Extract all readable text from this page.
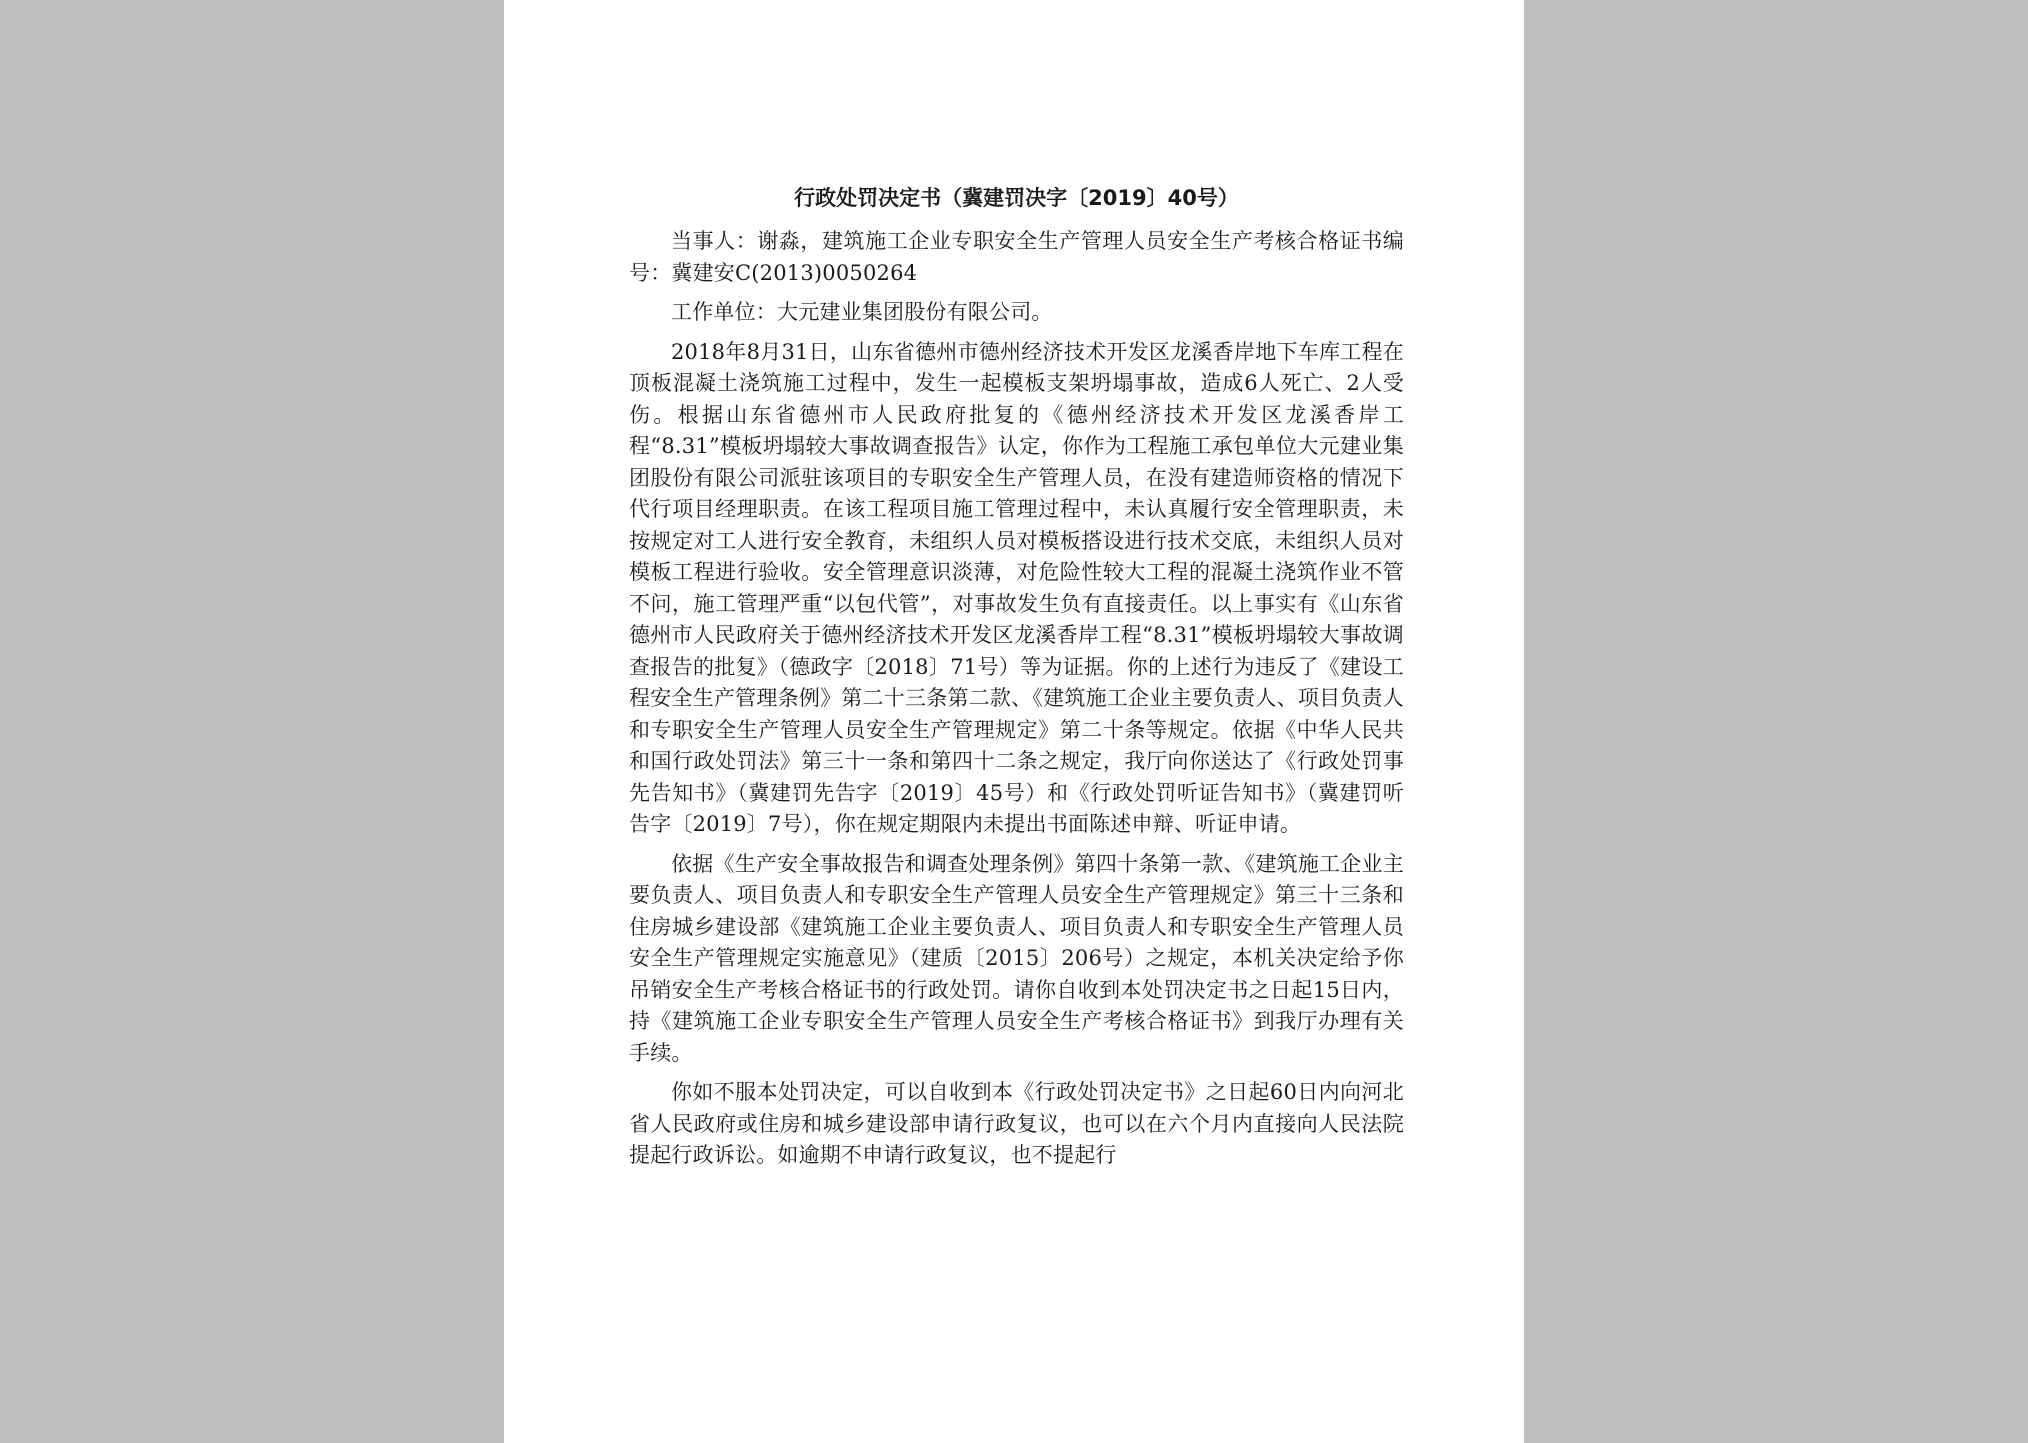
行政处罚决定书（冀建罚决字〔2019〕40号）

当事人：谢淼，建筑施工企业专职安全生产管理人员安全生产考核合格证书编号：冀建安C(2013)0050264

工作单位：大元建业集团股份有限公司。

2018年8月31日，山东省德州市德州经济技术开发区龙溪香岸地下车库工程在顶板混凝土浇筑施工过程中，发生一起模板支架坍塌事故，造成6人死亡、2人受伤。根据山东省德州市人民政府批复的《德州经济技术开发区龙溪香岸工程“8.31”模板坍塌较大事故调查报告》认定，你作为工程施工承包单位大元建业集团股份有限公司派驻该项目的专职安全生产管理人员，在没有建造师资格的情况下代行项目经理职责。在该工程项目施工管理过程中，未认真履行安全管理职责，未按规定对工人进行安全教育，未组织人员对模板搭设进行技术交底，未组织人员对模板工程进行验收。安全管理意识淡薄，对危险性较大工程的混凝土浇筑作业不管不问，施工管理严重“以包代管”，对事故发生负有直接责任。以上事实有《山东省德州市人民政府关于德州经济技术开发区龙溪香岸工程“8.31”模板坍塌较大事故调查报告的批复》（德政字〔2018〕71号）等为证据。你的上述行为违反了《建设工程安全生产管理条例》第二十三条第二款、《建筑施工企业主要负责人、项目负责人和专职安全生产管理人员安全生产管理规定》第二十条等规定。依据《中华人民共和国行政处罚法》第三十一条和第四十二条之规定，我厅向你送达了《行政处罚事先告知书》（冀建罚先告字〔2019〕45号）和《行政处罚听证告知书》（冀建罚听告字〔2019〕7号），你在规定期限内未提出书面陈述申辩、听证申请。

依据《生产安全事故报告和调查处理条例》第四十条第一款、《建筑施工企业主要负责人、项目负责人和专职安全生产管理人员安全生产管理规定》第三十三条和住房城乡建设部《建筑施工企业主要负责人、项目负责人和专职安全生产管理人员安全生产管理规定实施意见》（建质〔2015〕206号）之规定，本机关决定给予你吊销安全生产考核合格证书的行政处罚。请你自收到本处罚决定书之日起15日内，持《建筑施工企业专职安全生产管理人员安全生产考核合格证书》到我厅办理有关手续。

你如不服本处罚决定，可以自收到本《行政处罚决定书》之日起60日内向河北省人民政府或住房和城乡建设部申请行政复议，也可以在六个月内直接向人民法院提起行政诉讼。如逾期不申请行政复议，也不提起行
